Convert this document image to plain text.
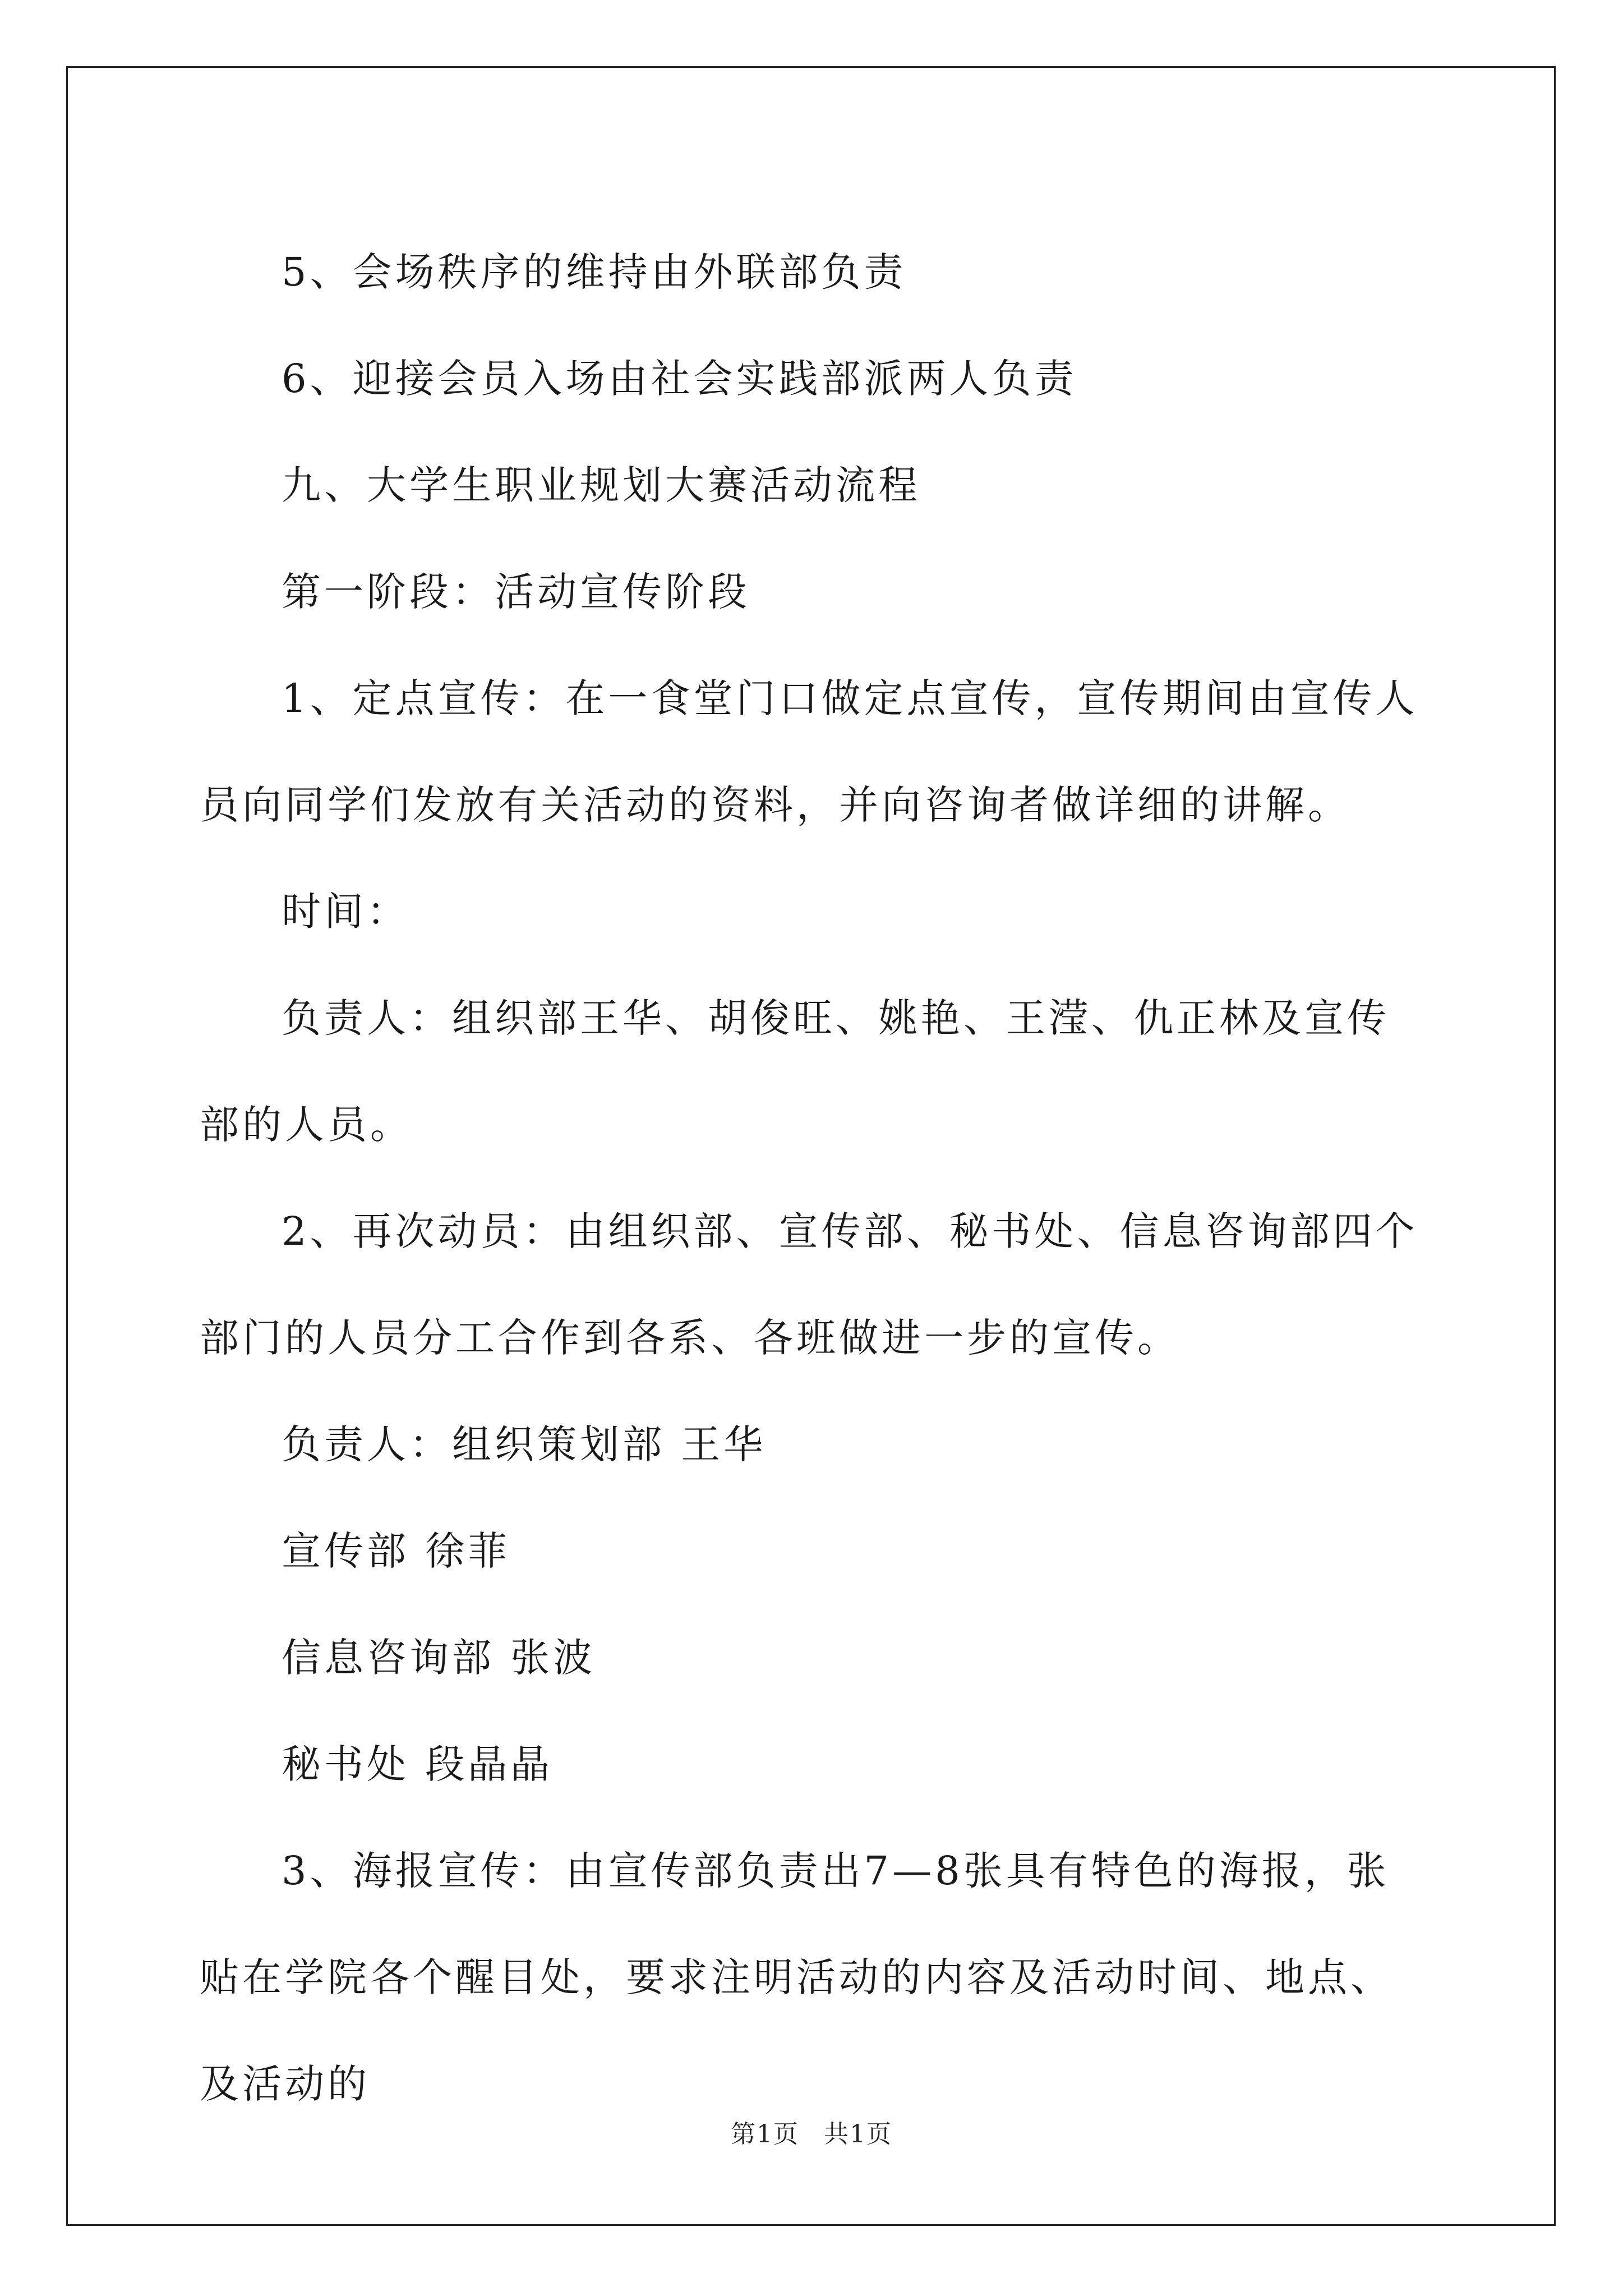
5、会场秩序的维持由外联部负责

6、迎接会员入场由社会实践部派两人负责

九、大学生职业规划大赛活动流程

第一阶段：活动宣传阶段

1、定点宣传：在一食堂门口做定点宣传，宣传期间由宣传人员向同学们发放有关活动的资料，并向咨询者做详细的讲解。

时间：

负责人：组织部王华、胡俊旺、姚艳、王滢、仇正林及宣传部的人员。

2、再次动员：由组织部、宣传部、秘书处、信息咨询部四个部门的人员分工合作到各系、各班做进一步的宣传。

负责人：组织策划部 王华

宣传部 徐菲

信息咨询部 张波

秘书处 段晶晶

3、海报宣传：由宣传部负责出7—8张具有特色的海报，张贴在学院各个醒目处，要求注明活动的内容及活动时间、地点、及活动的

第1页 共1页
